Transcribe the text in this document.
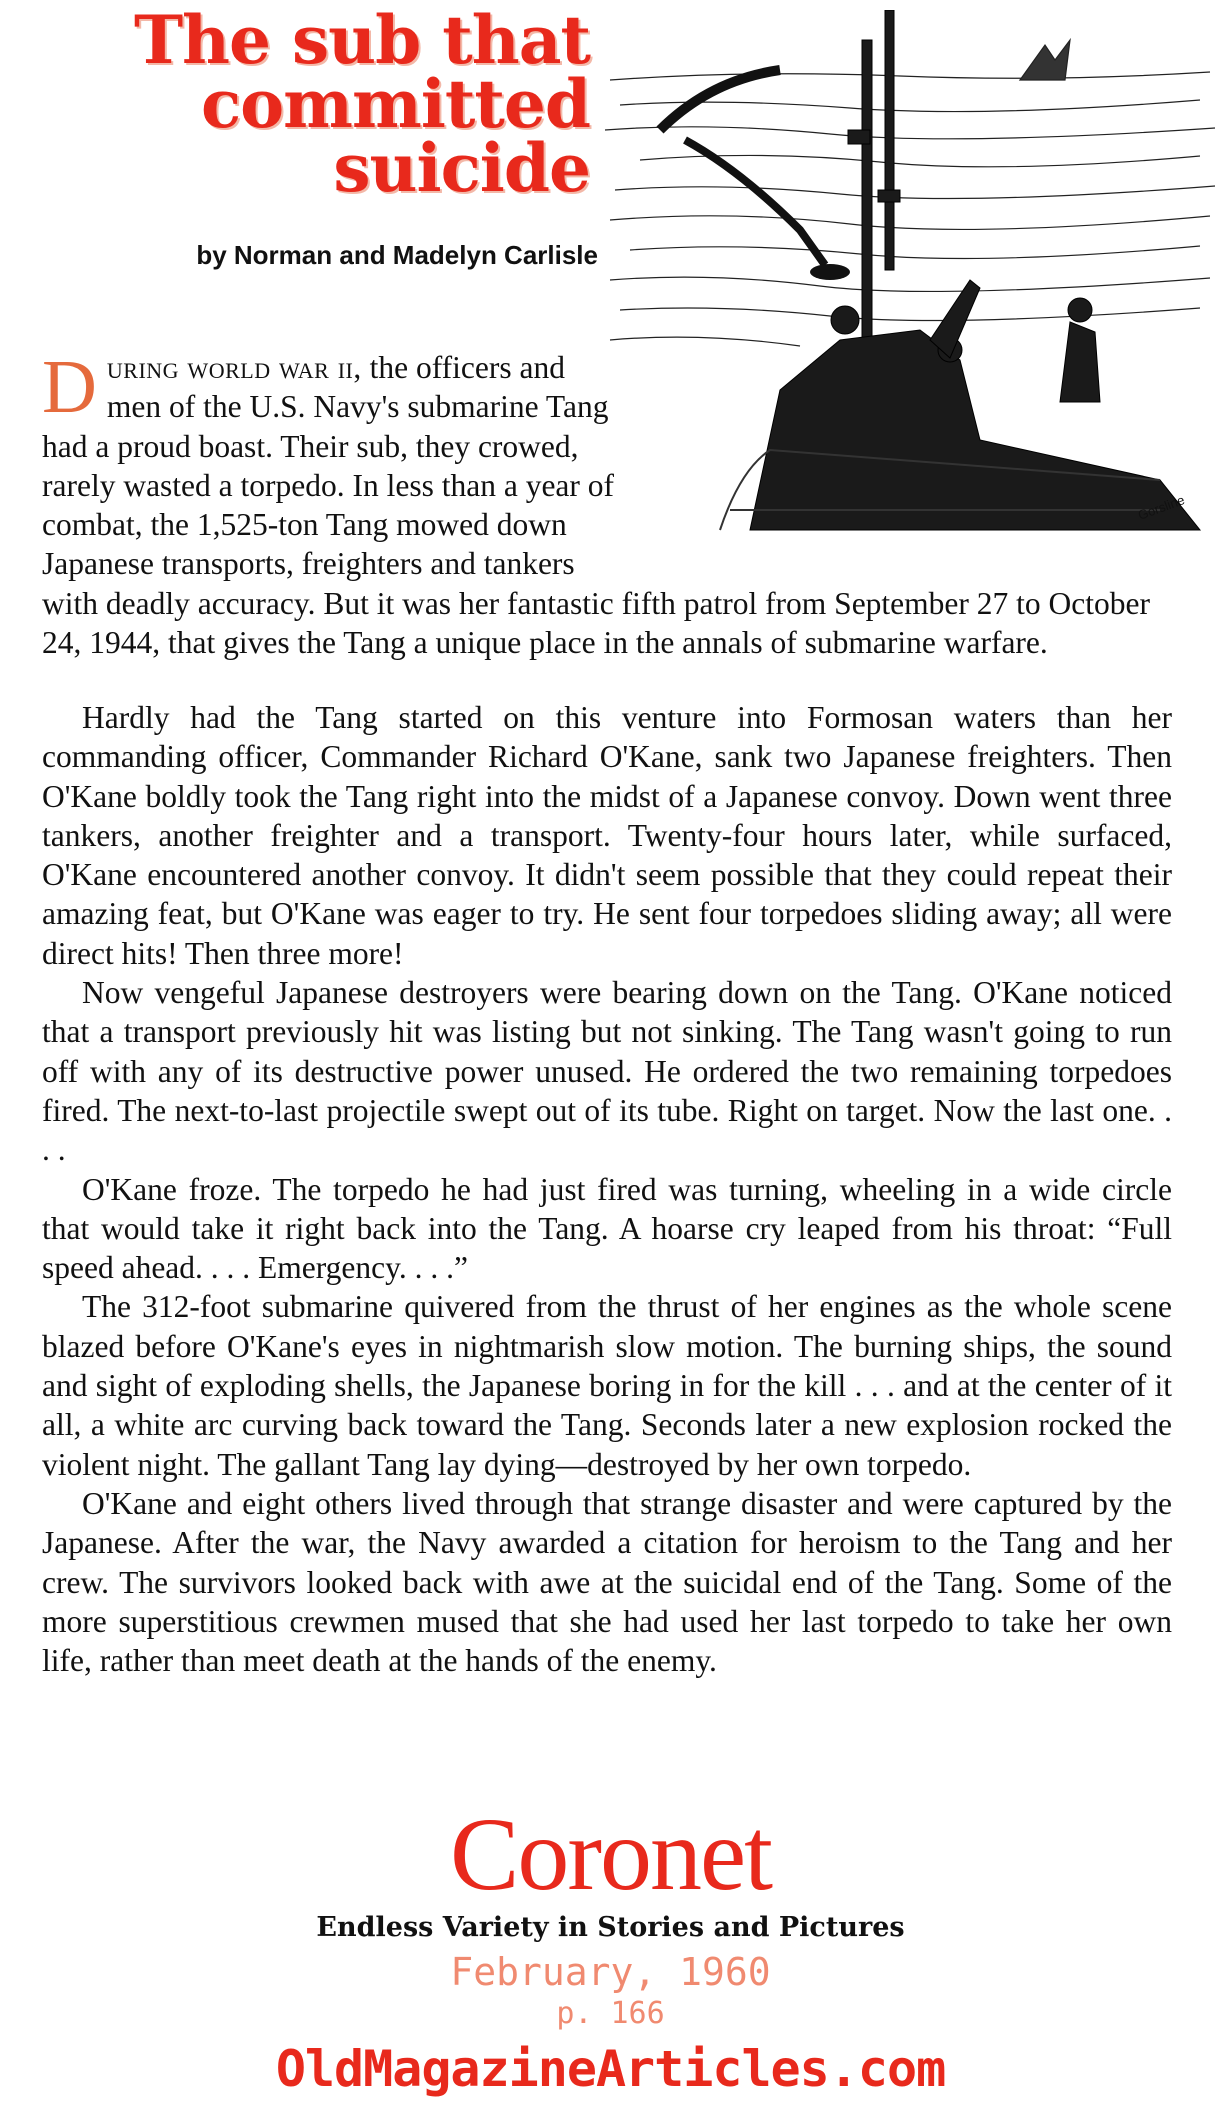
The sub that
committed
suicide
by Norman and Madelyn Carlisle
Gorsline

During world war ii, the officers and men of the U.S. Navy's submarine Tang had a proud boast. Their sub, they crowed, rarely wasted a torpedo. In less than a year of combat, the 1,525-ton Tang mowed down Japanese transports, freighters and tankers with deadly accuracy. But it was her fantastic fifth patrol from September 27 to October 24, 1944, that gives the Tang a unique place in the annals of submarine warfare.

Hardly had the Tang started on this venture into Formosan waters than her commanding officer, Commander Richard O'Kane, sank two Japanese freighters. Then O'Kane boldly took the Tang right into the midst of a Japanese convoy. Down went three tankers, another freighter and a transport. Twenty-four hours later, while surfaced, O'Kane encountered another convoy. It didn't seem possible that they could repeat their amazing feat, but O'Kane was eager to try. He sent four torpedoes sliding away; all were direct hits! Then three more!

Now vengeful Japanese destroyers were bearing down on the Tang. O'Kane noticed that a transport previously hit was listing but not sinking. The Tang wasn't going to run off with any of its destructive power unused. He ordered the two remaining torpedoes fired. The next-to-last projectile swept out of its tube. Right on target. Now the last one. . . .

O'Kane froze. The torpedo he had just fired was turning, wheeling in a wide circle that would take it right back into the Tang. A hoarse cry leaped from his throat: “Full speed ahead. . . . Emergency. . . .”

The 312-foot submarine quivered from the thrust of her engines as the whole scene blazed before O'Kane's eyes in nightmarish slow motion. The burning ships, the sound and sight of exploding shells, the Japanese boring in for the kill . . . and at the center of it all, a white arc curving back toward the Tang. Seconds later a new explosion rocked the violent night. The gallant Tang lay dying—destroyed by her own torpedo.

O'Kane and eight others lived through that strange disaster and were captured by the Japanese. After the war, the Navy awarded a citation for heroism to the Tang and her crew. The survivors looked back with awe at the suicidal end of the Tang. Some of the more superstitious crewmen mused that she had used her last torpedo to take her own life, rather than meet death at the hands of the enemy.

Coronet
Endless Variety in Stories and Pictures
February, 1960
p. 166
OldMagazineArticles.com
